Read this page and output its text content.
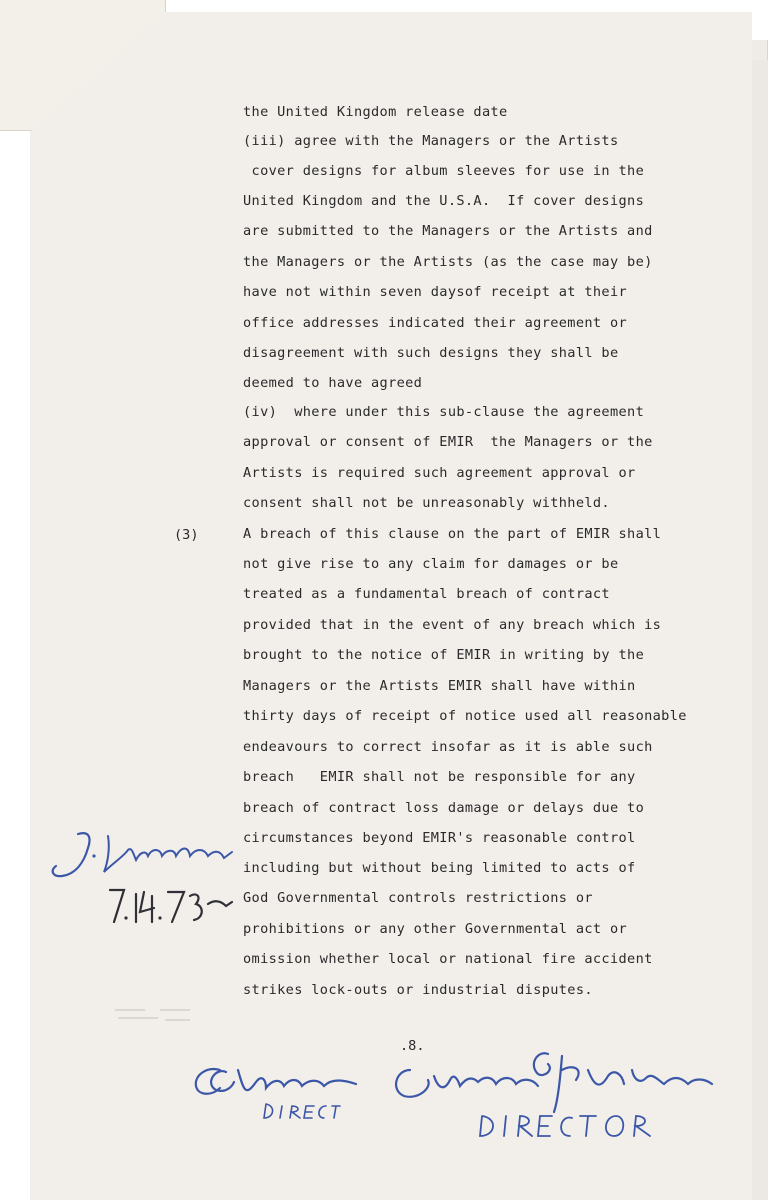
the United Kingdom release date
(iii) agree with the Managers or the Artists
cover designs for album sleeves for use in the
United Kingdom and the U.S.A.  If cover designs
are submitted to the Managers or the Artists and
the Managers or the Artists (as the case may be)
have not within seven daysof receipt at their
office addresses indicated their agreement or
disagreement with such designs they shall be
deemed to have agreed
(iv)  where under this sub-clause the agreement
approval or consent of EMIR  the Managers or the
Artists is required such agreement approval or
consent shall not be unreasonably withheld.
(3)	A breach of this clause on the part of EMIR shall
not give rise to any claim for damages or be
treated as a fundamental breach of contract
provided that in the event of any breach which is
brought to the notice of EMIR in writing by the
Managers or the Artists EMIR shall have within
thirty days of receipt of notice used all reasonable
endeavours to correct insofar as it is able such
breach   EMIR shall not be responsible for any
breach of contract loss damage or delays due to
circumstances beyond EMIR's reasonable control
including but without being limited to acts of
God Governmental controls restrictions or
prohibitions or any other Governmental act or
omission whether local or national fire accident
strikes lock-outs or industrial disputes.
.8.
